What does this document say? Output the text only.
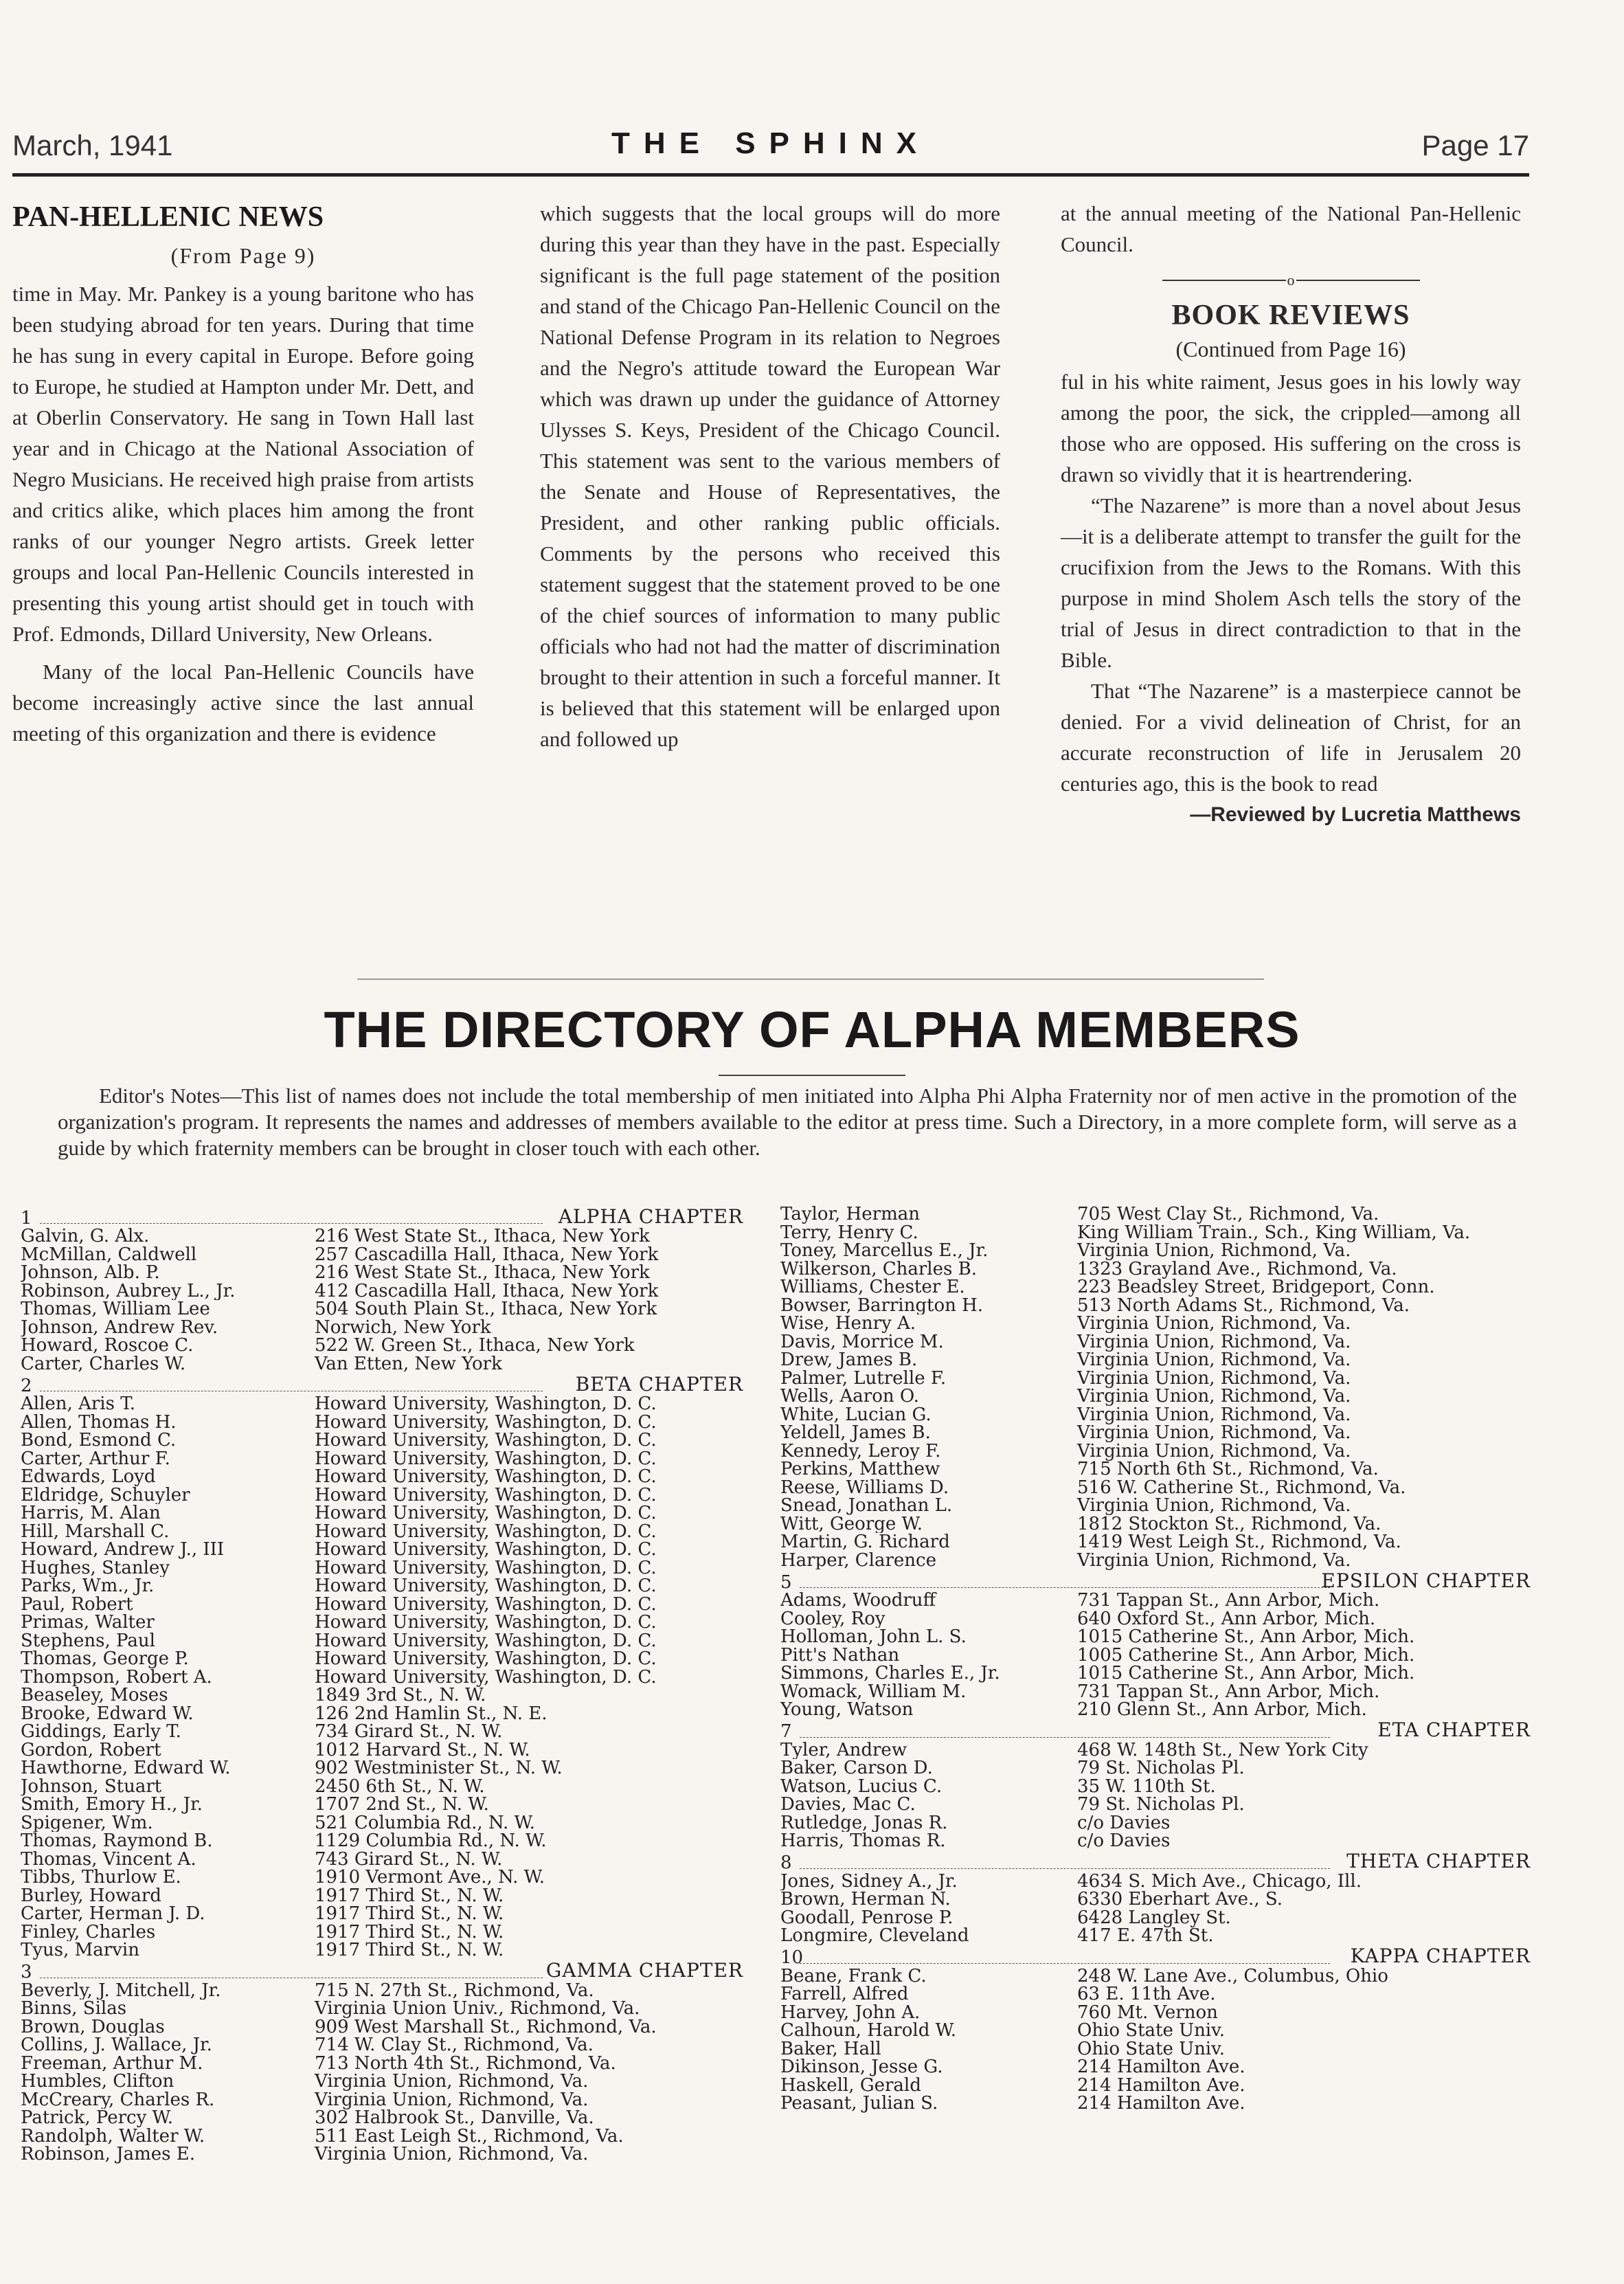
March, 1941	THE SPHINX	Page 17
PAN-HELLENIC NEWS
(From Page 9)

time in May. Mr. Pankey is a young baritone who has been studying abroad for ten years. During that time he has sung in every capital in Europe. Before going to Europe, he studied at Hampton under Mr. Dett, and at Oberlin Conservatory. He sang in Town Hall last year and in Chicago at the National Association of Negro Musicians. He received high praise from artists and critics alike, which places him among the front ranks of our younger Negro artists. Greek letter groups and local Pan-Hellenic Councils interested in presenting this young artist should get in touch with Prof. Edmonds, Dillard University, New Orleans.

Many of the local Pan-Hellenic Councils have become increasingly active since the last annual meeting of this organization and there is evidence

which suggests that the local groups will do more during this year than they have in the past. Especially significant is the full page statement of the position and stand of the Chicago Pan-Hellenic Council on the National Defense Program in its relation to Negroes and the Negro's attitude toward the European War which was drawn up under the guidance of Attorney Ulysses S. Keys, President of the Chicago Council. This statement was sent to the various members of the Senate and House of Representatives, the President, and other ranking public officials. Comments by the persons who received this statement suggest that the statement proved to be one of the chief sources of information to many public officials who had not had the matter of discrimination brought to their attention in such a forceful manner. It is believed that this statement will be enlarged upon and followed up

at the annual meeting of the National Pan-Hellenic Council.

o
BOOK REVIEWS
(Continued from Page 16)

ful in his white raiment, Jesus goes in his lowly way among the poor, the sick, the crippled—among all those who are opposed. His suffering on the cross is drawn so vividly that it is heartrendering.

“The Nazarene” is more than a novel about Jesus—it is a deliberate attempt to transfer the guilt for the crucifixion from the Jews to the Romans. With this purpose in mind Sholem Asch tells the story of the trial of Jesus in direct contradiction to that in the Bible.

That “The Nazarene” is a masterpiece cannot be denied. For a vivid delineation of Christ, for an accurate reconstruction of life in Jerusalem 20 centuries ago, this is the book to read

—Reviewed by Lucretia Matthews
THE DIRECTORY OF ALPHA MEMBERS

Editor's Notes—This list of names does not include the total membership of men initiated into Alpha Phi Alpha Fraternity nor of men active in the promotion of the organization's program. It represents the names and addresses of members available to the editor at press time. Such a Directory, in a more complete form, will serve as a guide by which fraternity members can be brought in closer touch with each other.

1	ALPHA CHAPTER
Galvin, G. Alx.	216 West State St., Ithaca, New York
McMillan, Caldwell	257 Cascadilla Hall, Ithaca, New York
Johnson, Alb. P.	216 West State St., Ithaca, New York
Robinson, Aubrey L., Jr.	412 Cascadilla Hall, Ithaca, New York
Thomas, William Lee	504 South Plain St., Ithaca, New York
Johnson, Andrew Rev.	Norwich, New York
Howard, Roscoe C.	522 W. Green St., Ithaca, New York
Carter, Charles W.	Van Etten, New York
2	BETA CHAPTER
Allen, Aris T.	Howard University, Washington, D. C.
Allen, Thomas H.	Howard University, Washington, D. C.
Bond, Esmond C.	Howard University, Washington, D. C.
Carter, Arthur F.	Howard University, Washington, D. C.
Edwards, Loyd	Howard University, Washington, D. C.
Eldridge, Schuyler	Howard University, Washington, D. C.
Harris, M. Alan	Howard University, Washington, D. C.
Hill, Marshall C.	Howard University, Washington, D. C.
Howard, Andrew J., III	Howard University, Washington, D. C.
Hughes, Stanley	Howard University, Washington, D. C.
Parks, Wm., Jr.	Howard University, Washington, D. C.
Paul, Robert	Howard University, Washington, D. C.
Primas, Walter	Howard University, Washington, D. C.
Stephens, Paul	Howard University, Washington, D. C.
Thomas, George P.	Howard University, Washington, D. C.
Thompson, Robert A.	Howard University, Washington, D. C.
Beaseley, Moses	1849 3rd St., N. W.
Brooke, Edward W.	126 2nd Hamlin St., N. E.
Giddings, Early T.	734 Girard St., N. W.
Gordon, Robert	1012 Harvard St., N. W.
Hawthorne, Edward W.	902 Westminister St., N. W.
Johnson, Stuart	2450 6th St., N. W.
Smith, Emory H., Jr.	1707 2nd St., N. W.
Spigener, Wm.	521 Columbia Rd., N. W.
Thomas, Raymond B.	1129 Columbia Rd., N. W.
Thomas, Vincent A.	743 Girard St., N. W.
Tibbs, Thurlow E.	1910 Vermont Ave., N. W.
Burley, Howard	1917 Third St., N. W.
Carter, Herman J. D.	1917 Third St., N. W.
Finley, Charles	1917 Third St., N. W.
Tyus, Marvin	1917 Third St., N. W.
3	GAMMA CHAPTER
Beverly, J. Mitchell, Jr.	715 N. 27th St., Richmond, Va.
Binns, Silas	Virginia Union Univ., Richmond, Va.
Brown, Douglas	909 West Marshall St., Richmond, Va.
Collins, J. Wallace, Jr.	714 W. Clay St., Richmond, Va.
Freeman, Arthur M.	713 North 4th St., Richmond, Va.
Humbles, Clifton	Virginia Union, Richmond, Va.
McCreary, Charles R.	Virginia Union, Richmond, Va.
Patrick, Percy W.	302 Halbrook St., Danville, Va.
Randolph, Walter W.	511 East Leigh St., Richmond, Va.
Robinson, James E.	Virginia Union, Richmond, Va.
Taylor, Herman	705 West Clay St., Richmond, Va.
Terry, Henry C.	King William Train., Sch., King William, Va.
Toney, Marcellus E., Jr.	Virginia Union, Richmond, Va.
Wilkerson, Charles B.	1323 Grayland Ave., Richmond, Va.
Williams, Chester E.	223 Beadsley Street, Bridgeport, Conn.
Bowser, Barrington H.	513 North Adams St., Richmond, Va.
Wise, Henry A.	Virginia Union, Richmond, Va.
Davis, Morrice M.	Virginia Union, Richmond, Va.
Drew, James B.	Virginia Union, Richmond, Va.
Palmer, Lutrelle F.	Virginia Union, Richmond, Va.
Wells, Aaron O.	Virginia Union, Richmond, Va.
White, Lucian G.	Virginia Union, Richmond, Va.
Yeldell, James B.	Virginia Union, Richmond, Va.
Kennedy, Leroy F.	Virginia Union, Richmond, Va.
Perkins, Matthew	715 North 6th St., Richmond, Va.
Reese, Williams D.	516 W. Catherine St., Richmond, Va.
Snead, Jonathan L.	Virginia Union, Richmond, Va.
Witt, George W.	1812 Stockton St., Richmond, Va.
Martin, G. Richard	1419 West Leigh St., Richmond, Va.
Harper, Clarence	Virginia Union, Richmond, Va.
5	EPSILON CHAPTER
Adams, Woodruff	731 Tappan St., Ann Arbor, Mich.
Cooley, Roy	640 Oxford St., Ann Arbor, Mich.
Holloman, John L. S.	1015 Catherine St., Ann Arbor, Mich.
Pitt's Nathan	1005 Catherine St., Ann Arbor, Mich.
Simmons, Charles E., Jr.	1015 Catherine St., Ann Arbor, Mich.
Womack, William M.	731 Tappan St., Ann Arbor, Mich.
Young, Watson	210 Glenn St., Ann Arbor, Mich.
7	ETA CHAPTER
Tyler, Andrew	468 W. 148th St., New York City
Baker, Carson D.	79 St. Nicholas Pl.
Watson, Lucius C.	35 W. 110th St.
Davies, Mac C.	79 St. Nicholas Pl.
Rutledge, Jonas R.	c/o Davies
Harris, Thomas R.	c/o Davies
8	THETA CHAPTER
Jones, Sidney A., Jr.	4634 S. Mich Ave., Chicago, Ill.
Brown, Herman N.	6330 Eberhart Ave., S.
Goodall, Penrose P.	6428 Langley St.
Longmire, Cleveland	417 E. 47th St.
10	KAPPA CHAPTER
Beane, Frank C.	248 W. Lane Ave., Columbus, Ohio
Farrell, Alfred	63 E. 11th Ave.
Harvey, John A.	760 Mt. Vernon
Calhoun, Harold W.	Ohio State Univ.
Baker, Hall	Ohio State Univ.
Dikinson, Jesse G.	214 Hamilton Ave.
Haskell, Gerald	214 Hamilton Ave.
Peasant, Julian S.	214 Hamilton Ave.
